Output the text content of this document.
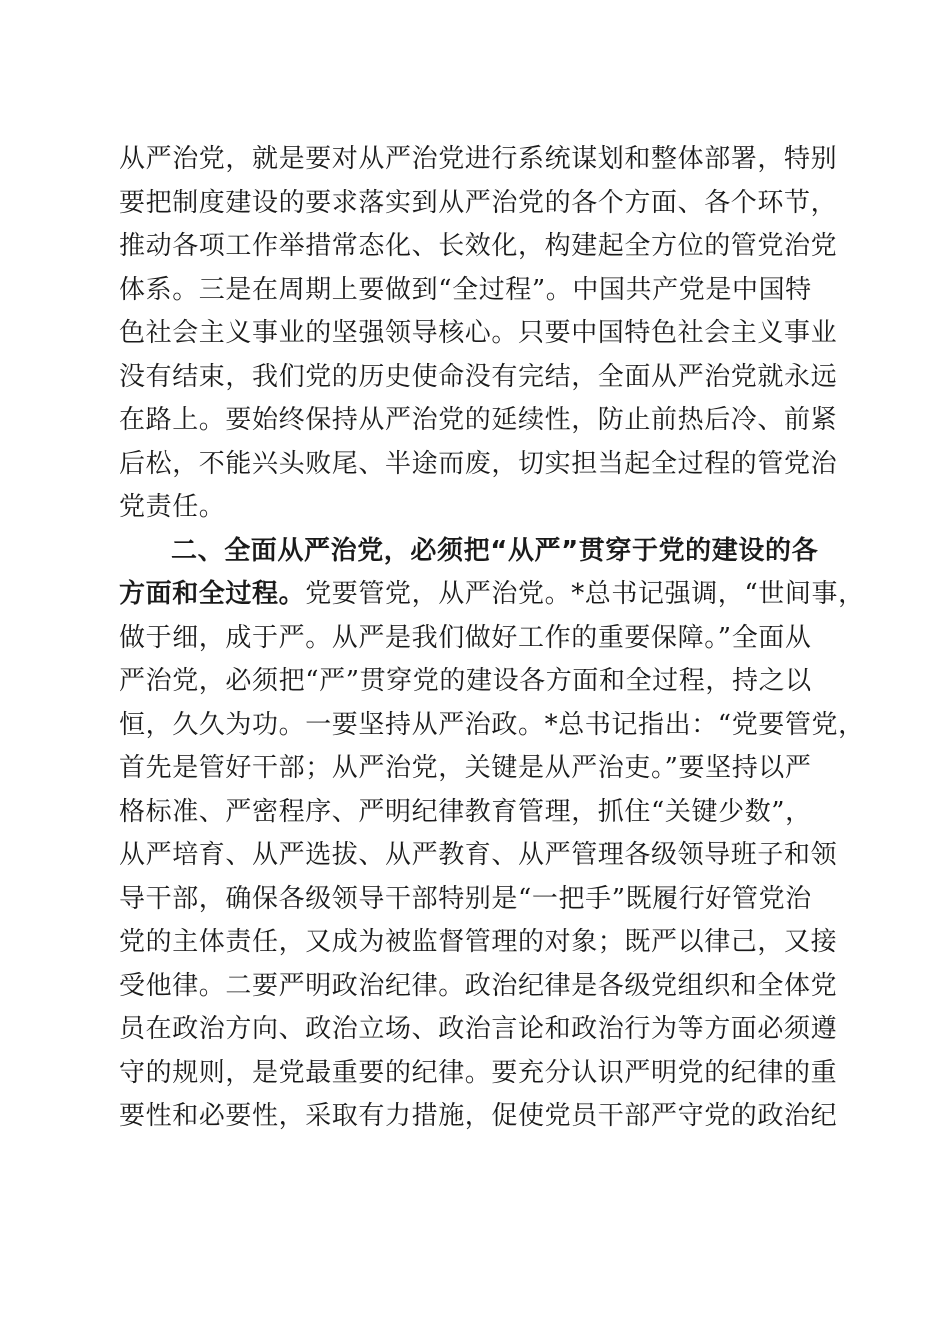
从严治党，就是要对从严治党进行系统谋划和整体部署，特别
要把制度建设的要求落实到从严治党的各个方面、各个环节，
推动各项工作举措常态化、长效化，构建起全方位的管党治党
体系。三是在周期上要做到“全过程”。中国共产党是中国特
色社会主义事业的坚强领导核心。只要中国特色社会主义事业
没有结束，我们党的历史使命没有完结，全面从严治党就永远
在路上。要始终保持从严治党的延续性，防止前热后冷、前紧
后松，不能兴头败尾、半途而废，切实担当起全过程的管党治
党责任。
二、全面从严治党，必须把“从严”贯穿于党的建设的各
方面和全过程。党要管党，从严治党。*总书记强调，“世间事，
做于细，成于严。从严是我们做好工作的重要保障。”全面从
严治党，必须把“严”贯穿党的建设各方面和全过程，持之以
恒，久久为功。一要坚持从严治政。*总书记指出：“党要管党，
首先是管好干部；从严治党，关键是从严治吏。”要坚持以严
格标准、严密程序、严明纪律教育管理，抓住“关键少数”，
从严培育、从严选拔、从严教育、从严管理各级领导班子和领
导干部，确保各级领导干部特别是“一把手”既履行好管党治
党的主体责任，又成为被监督管理的对象；既严以律己，又接
受他律。二要严明政治纪律。政治纪律是各级党组织和全体党
员在政治方向、政治立场、政治言论和政治行为等方面必须遵
守的规则，是党最重要的纪律。要充分认识严明党的纪律的重
要性和必要性，采取有力措施，促使党员干部严守党的政治纪
